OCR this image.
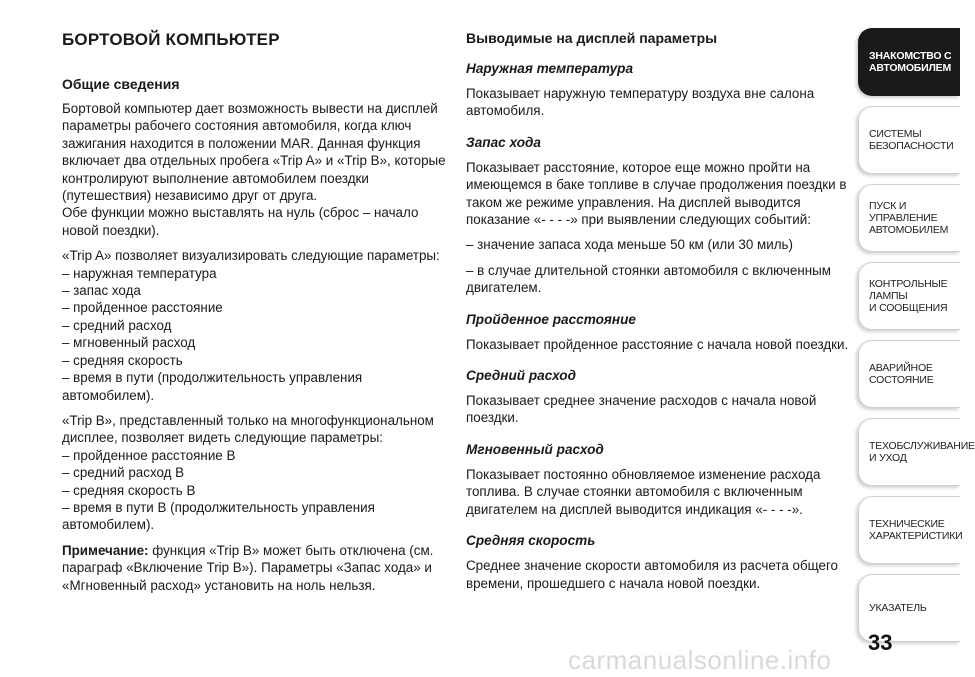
БОРТОВОЙ КОМПЬЮТЕР
Общие сведения

Бортовой компьютер дает возможность вывести на дисплей параметры рабочего состояния автомобиля, когда ключ зажигания находится в положении MAR. Данная функция включает два отдельных пробега «Trip A» и «Trip B», которые контролируют выполнение автомобилем поездки (путешествия) независимо друг от друга.

Обе функции можно выставлять на нуль (сброс – начало новой поездки).

«Trip A» позволяет визуализировать следующие параметры:

– наружная температура
– запас хода
– пройденное расстояние
– средний расход
– мгновенный расход
– средняя скорость
– время в пути (продолжительность управления автомобилем).

«Trip B», представленный только на многофункциональном дисплее, позволяет видеть следующие параметры:

– пройденное расстояние B
– средний расход B
– средняя скорость B
– время в пути B (продолжительность управления автомобилем).

Примечание: функция «Trip B» может быть отключена (см. параграф «Включение Trip B»). Параметры «Запас хода» и «Мгновенный расход» установить на ноль нельзя.

Выводимые на дисплей параметры
Наружная температура

Показывает наружную температуру воздуха вне салона автомобиля.

Запас хода

Показывает расстояние, которое еще можно пройти на имеющемся в баке топливе в случае продолжения поездки в таком же режиме управления. На дисплей выводится показание «- - - -» при выявлении следующих событий:

– значение запаса хода меньше 50 км (или 30 миль)

– в случае длительной стоянки автомобиля с включенным двигателем.

Пройденное расстояние

Показывает пройденное расстояние с начала новой поездки.

Средний расход

Показывает среднее значение расходов с начала новой поездки.

Мгновенный расход

Показывает постоянно обновляемое изменение расхода топлива. В случае стоянки автомобиля с включенным двигателем на дисплей выводится индикация «- - - -».

Средняя скорость

Среднее значение скорости автомобиля из расчета общего времени, прошедшего с начала новой поездки.

ЗНАКОМСТВО С
АВТОМОБИЛЕМ
СИСТЕМЫ
БЕЗОПАСНОСТИ
ПУСК И УПРАВЛЕНИЕ
АВТОМОБИЛЕМ
КОНТРОЛЬНЫЕ
ЛАМПЫ
И СООБЩЕНИЯ
АВАРИЙНОЕ
СОСТОЯНИЕ
ТЕХОБСЛУЖИВАНИЕ
И УХОД
ТЕХНИЧЕСКИЕ
ХАРАКТЕРИСТИКИ
УКАЗАТЕЛЬ
33
carmanualsonline.info
